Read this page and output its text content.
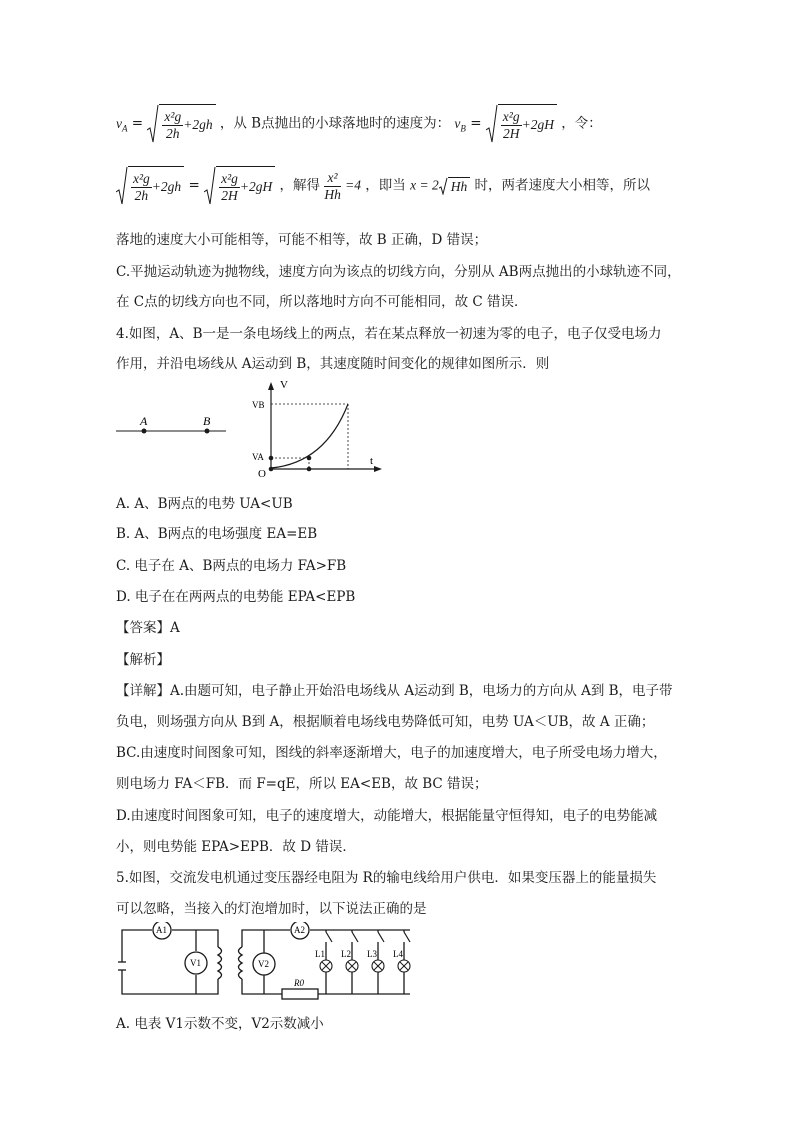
$v_A = \frac{\text{x²g}}{2h} +2gh$ ，从 B点抛出的小球落地时的速度为： $v_B = \frac{\text{x²g}}{2H} +2gH$ ，令：
$\frac{\text{x²g}}{2h} +2gh = \frac{\text{x²g}}{2H} +2gH$ ，解得 $\frac{\text{x²}}{Hh} =4$ ，即当 x = 2 Hh 时，两者速度大小相等，所以
落地的速度大小可能相等，可能不相等，故 B 正确，D 错误；
C.平抛运动轨迹为抛物线，速度方向为该点的切线方向，分别从 AB两点抛出的小球轨迹不同，
在 C点的切线方向也不同，所以落地时方向不可能相同，故 C 错误．
4.如图，A、B一是一条电场线上的两点，若在某点释放一初速为零的电子，电子仅受电场力
作用，并沿电场线从 A运动到 B，其速度随时间变化的规律如图所示．则
A	B
V
t
VB
VA
O
A. A、B两点的电势 UA<UB
B. A、B两点的电场强度 EA=EB
C. 电子在 A、B两点的电场力 FA>FB
D. 电子在在两两点的电势能 EPA<EPB
【答案】A
【解析】
【详解】A.由题可知，电子静止开始沿电场线从 A运动到 B，电场力的方向从 A到 B，电子带
负电，则场强方向从 B到 A，根据顺着电场线电势降低可知，电势 UA＜UB，故 A 正确；
BC.由速度时间图象可知，图线的斜率逐渐增大，电子的加速度增大，电子所受电场力增大，
则电场力 FA＜FB．而 F=qE，所以 EA<EB，故 BC 错误；
D.由速度时间图象可知，电子的速度增大，动能增大，根据能量守恒得知，电子的电势能减
小，则电势能 EPA>EPB．故 D 错误．
5.如图，交流发电机通过变压器经电阻为 R的输电线给用户供电．如果变压器上的能量损失
可以忽略，当接入的灯泡增加时，以下说法正确的是
A1
V1	V2
A2
R0
L1 L2 L3 L4
A. 电表 V1示数不变，V2示数减小
